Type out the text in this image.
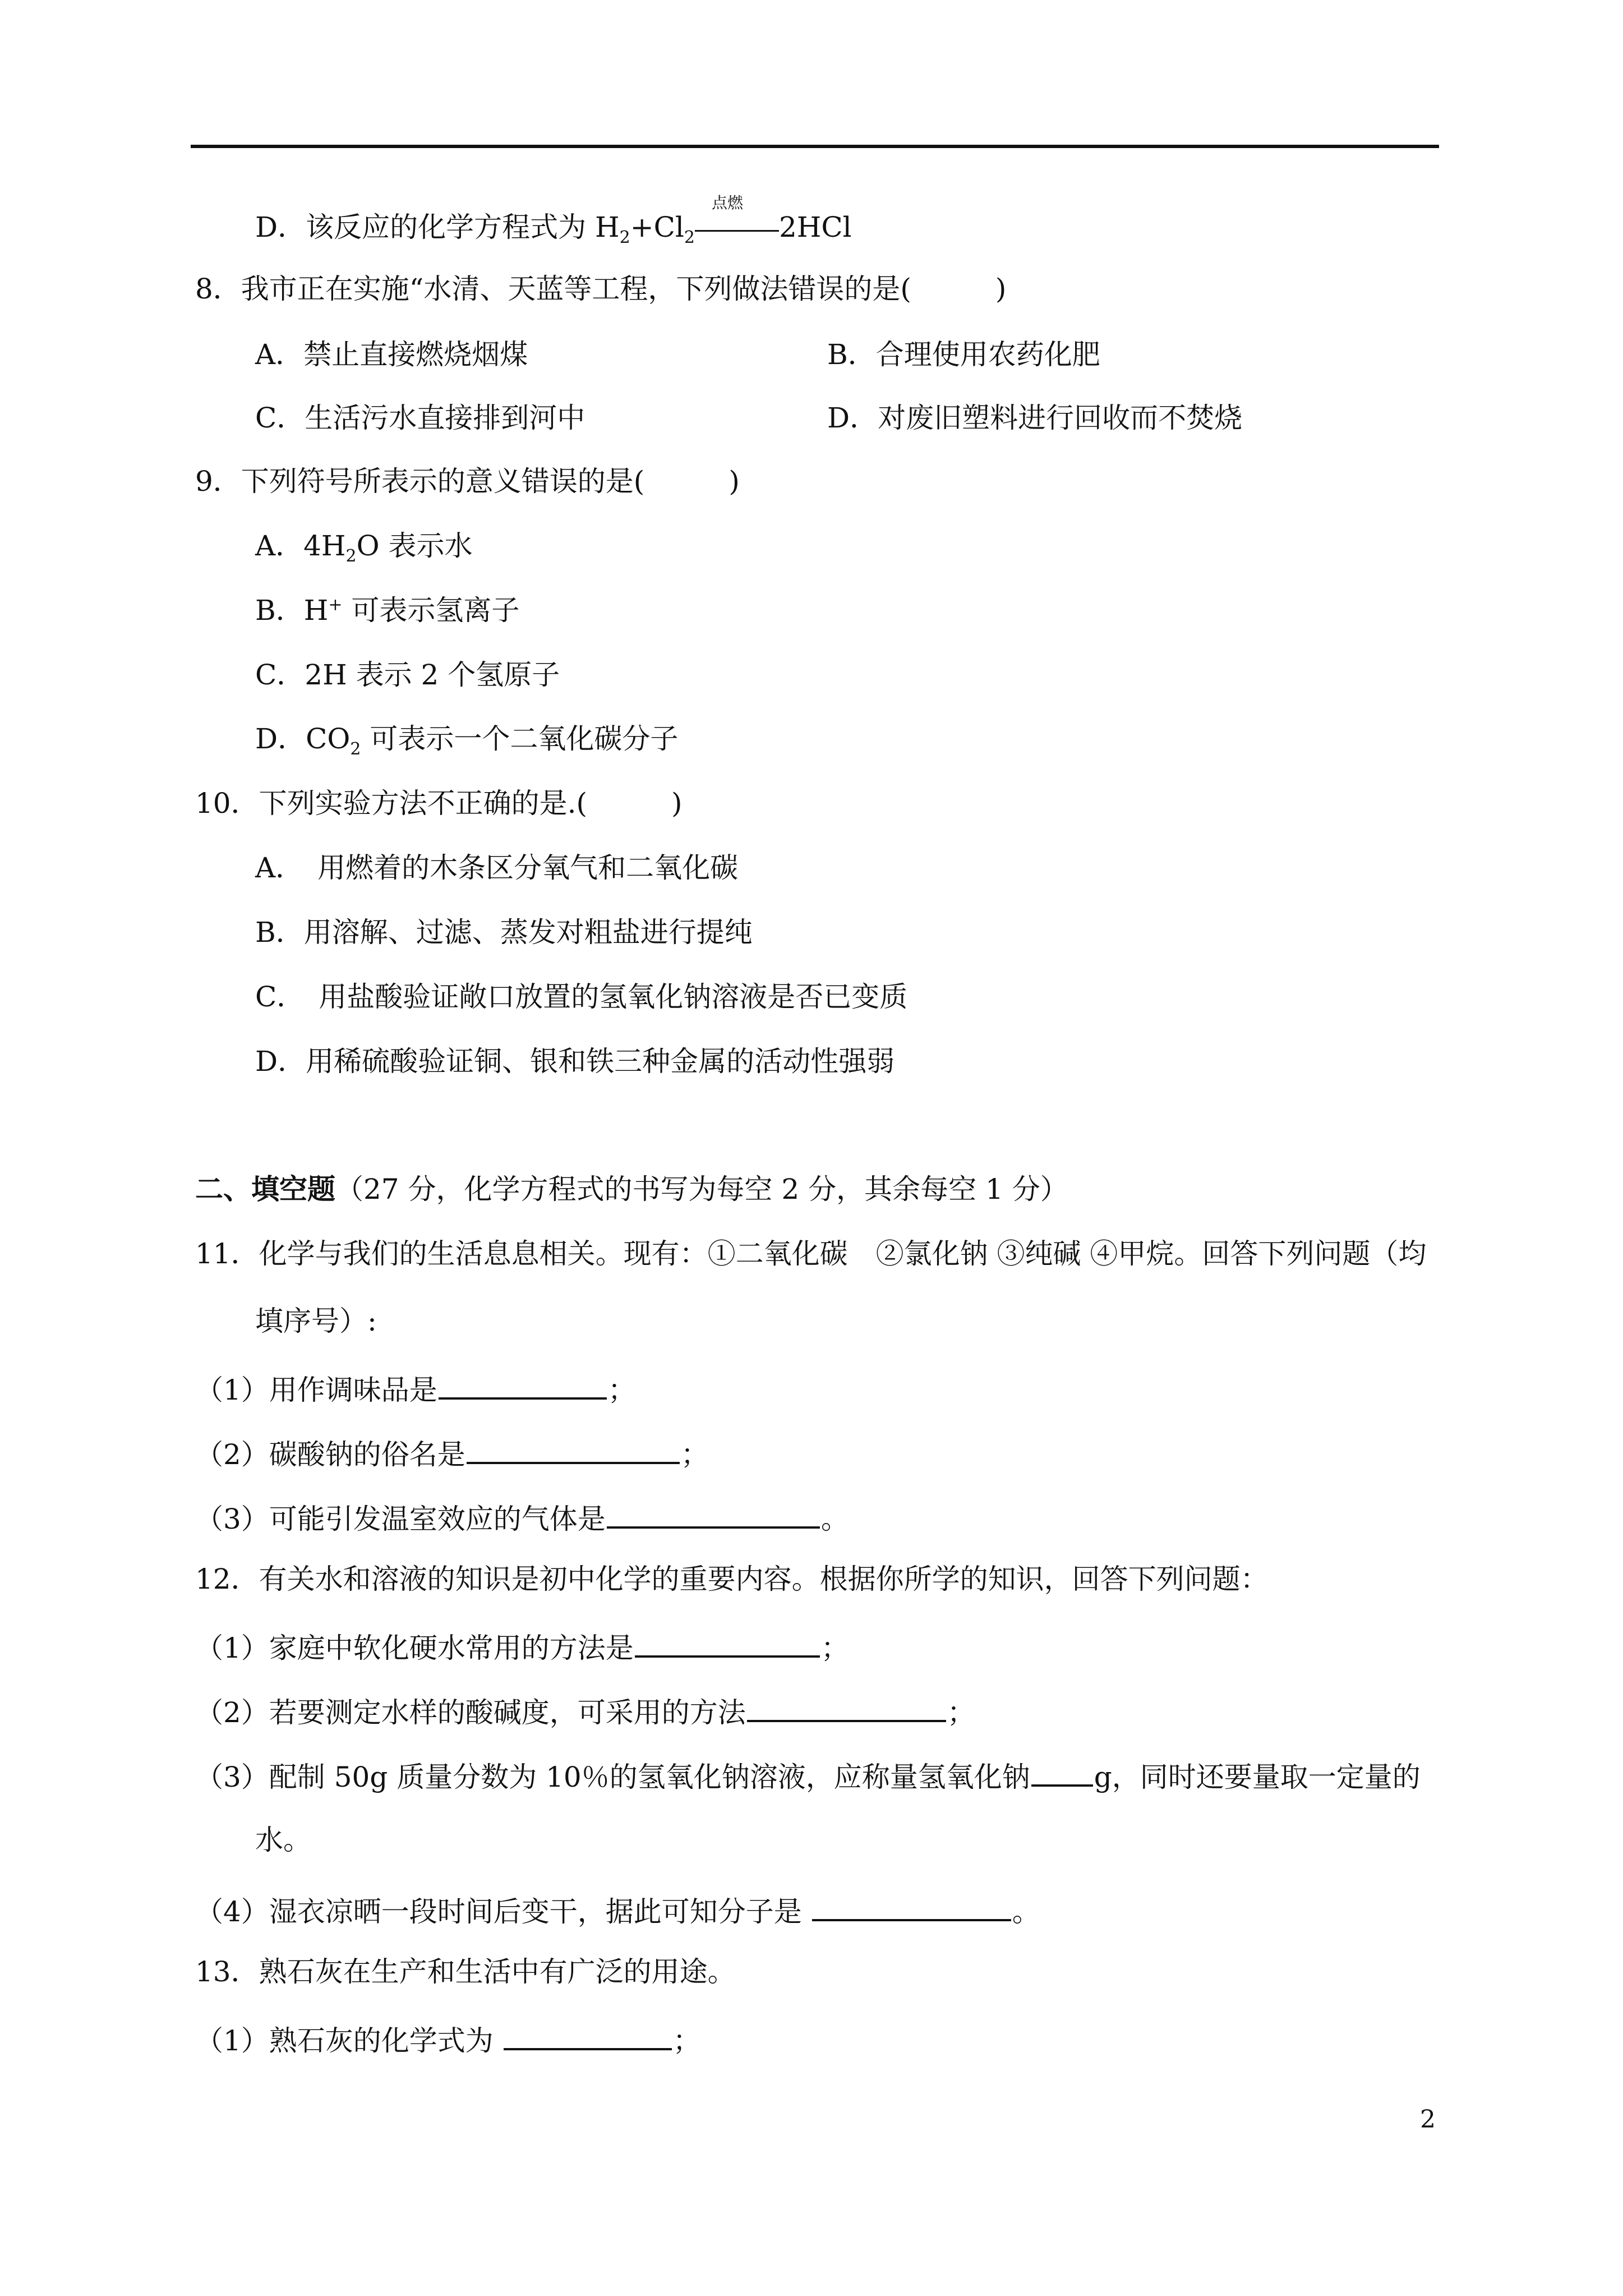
D．该反应的化学方程式为 $H_2+Cl_2$
点燃
2HCl
8．我市正在实施“水清、天蓝等工程，下列做法错误的是(　　　)
A．禁止直接燃烧烟煤	B．合理使用农药化肥
C．生活污水直接排到河中	D．对废旧塑料进行回收而不焚烧
9．下列符号所表示的意义错误的是(　　　)
A．$4H_2O$ 表示水
B．H+ 可表示氢离子
C．2H 表示 2 个氢原子
D．$CO_2$ 可表示一个二氧化碳分子
10．下列实验方法不正确的是.(　　　)
A．　用燃着的木条区分氧气和二氧化碳
B．用溶解、过滤、蒸发对粗盐进行提纯
C．　用盐酸验证敞口放置的氢氧化钠溶液是否已变质
D．用稀硫酸验证铜、银和铁三种金属的活动性强弱
二、填空题（27 分，化学方程式的书写为每空 2 分，其余每空 1 分）
11．化学与我们的生活息息相关。现有：①二氧化碳　②氯化钠 ③纯碱 ④甲烷。回答下列问题（均
填序号）:
（1）用作调味品是	；
（2）碳酸钠的俗名是	；
（3）可能引发温室效应的气体是	。
12．有关水和溶液的知识是初中化学的重要内容。根据你所学的知识，回答下列问题：
（1）家庭中软化硬水常用的方法是	；
（2）若要测定水样的酸碱度，可采用的方法	；
（3）配制 50g 质量分数为 10％的氢氧化钠溶液，应称量氢氧化钠 g，同时还要量取一定量的
水。
（4）湿衣凉晒一段时间后变干，据此可知分子是	。
13．熟石灰在生产和生活中有广泛的用途。
（1）熟石灰的化学式为	；
2
